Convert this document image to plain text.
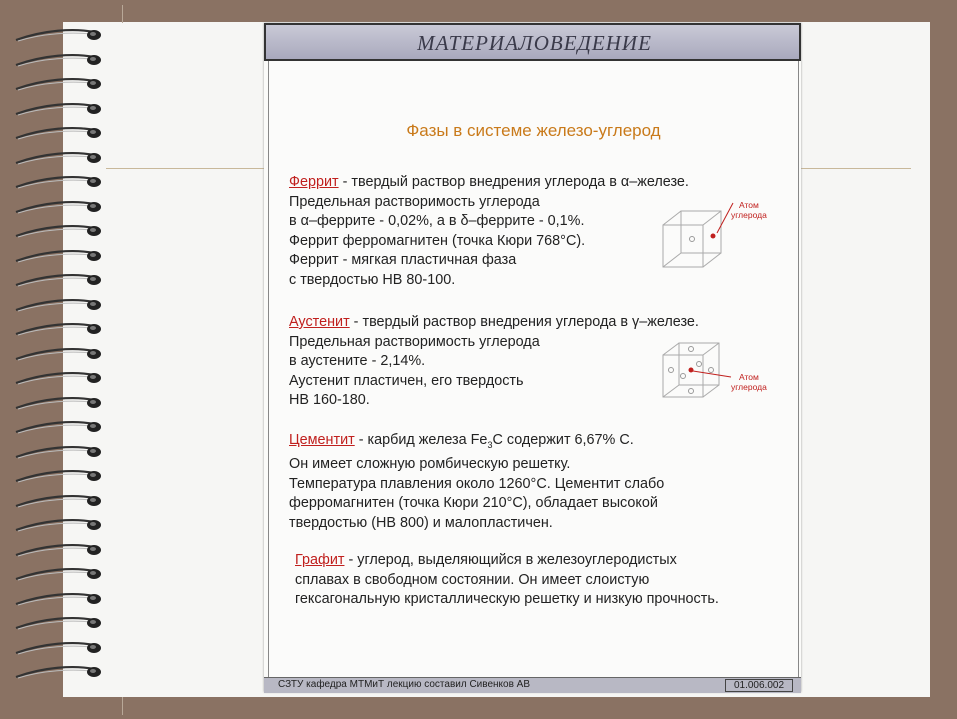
МАТЕРИАЛОВЕДЕНИЕ
Фазы в системе железо-углерод
Феррит - твердый раствор внедрения углерода в α–железе.
Предельная растворимость углерода
в α–феррите - 0,02%, а в δ–феррите - 0,1%.
Феррит ферромагнитен (точка Кюри 768°С).
Феррит - мягкая пластичная фаза
с твердостью НВ 80-100.
Атом
углерода
Аустенит - твердый раствор внедрения углерода в γ–железе.
Предельная растворимость углерода
в аустените - 2,14%.
Аустенит пластичен, его твердость
НВ 160-180.
Атом
углерода
Цементит - карбид железа $Fe_3С$ содержит 6,67% С.
Он имеет сложную ромбическую решетку.
Температура плавления около 1260°С. Цементит слабо
ферромагнитен (точка Кюри 210°С), обладает высокой
твердостью (НВ 800) и малопластичен.
Графит - углерод, выделяющийся в железоуглеродистых
сплавах в свободном состоянии. Он имеет слоистую
гексагональную кристаллическую решетку и низкую прочность.
СЗТУ кафедра МТМиТ лекцию составил Сивенков АВ	01.006.002
